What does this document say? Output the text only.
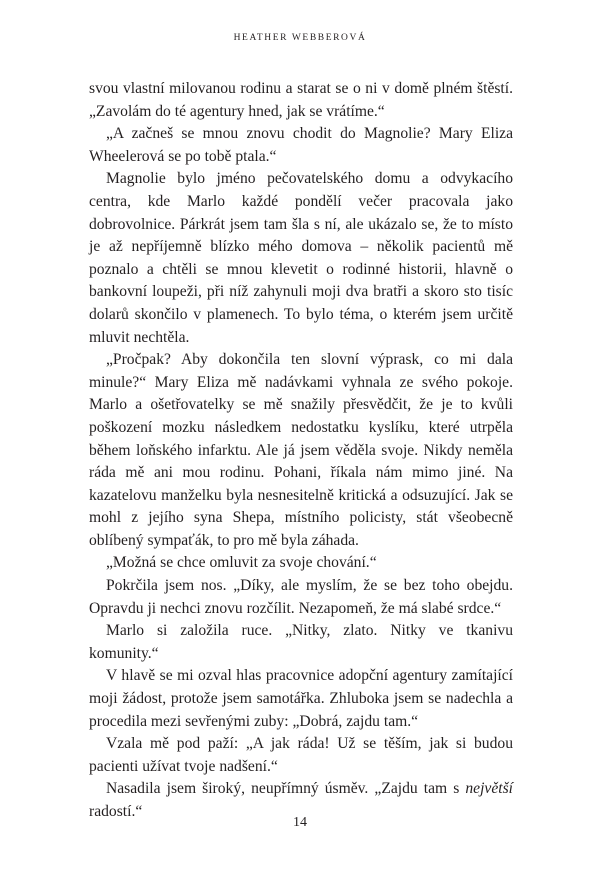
HEATHER WEBBEROVÁ

svou vlastní milovanou rodinu a starat se o ni v domě plném štěstí. „Zavolám do té agentury hned, jak se vrátíme.“

„A začneš se mnou znovu chodit do Magnolie? Mary Eliza Wheelerová se po tobě ptala.“

Magnolie bylo jméno pečovatelského domu a odvykacího centra, kde Marlo každé pondělí večer pracovala jako dobrovolnice. Párkrát jsem tam šla s ní, ale ukázalo se, že to místo je až nepříjemně blízko mého domova – několik pacientů mě poznalo a chtěli se mnou klevetit o rodinné historii, hlavně o bankovní loupeži, při níž zahynuli moji dva bratři a skoro sto tisíc dolarů skončilo v plamenech. To bylo téma, o kterém jsem určitě mluvit nechtěla.

„Pročpak? Aby dokončila ten slovní výprask, co mi dala minule?“ Mary Eliza mě nadávkami vyhnala ze svého pokoje. Marlo a ošetřovatelky se mě snažily přesvědčit, že je to kvůli poškození mozku následkem nedostatku kyslíku, které utrpěla během loňského infarktu. Ale já jsem věděla svoje. Nikdy neměla ráda mě ani mou rodinu. Pohani, říkala nám mimo jiné. Na kazatelovu manželku byla nesnesitelně kritická a odsuzující. Jak se mohl z jejího syna Shepa, místního policisty, stát všeobecně oblíbený sympaťák, to pro mě byla záhada.

„Možná se chce omluvit za svoje chování.“

Pokrčila jsem nos. „Díky, ale myslím, že se bez toho obejdu. Opravdu ji nechci znovu rozčílit. Nezapomeň, že má slabé srdce.“

Marlo si založila ruce. „Nitky, zlato. Nitky ve tkanivu komunity.“

V hlavě se mi ozval hlas pracovnice adopční agentury zamítající moji žádost, protože jsem samotářka. Zhluboka jsem se nadechla a procedila mezi sevřenými zuby: „Dobrá, zajdu tam.“

Vzala mě pod paží: „A jak ráda! Už se těším, jak si budou pacienti užívat tvoje nadšení.“

Nasadila jsem široký, neupřímný úsměv. „Zajdu tam s největší radostí.“

14
